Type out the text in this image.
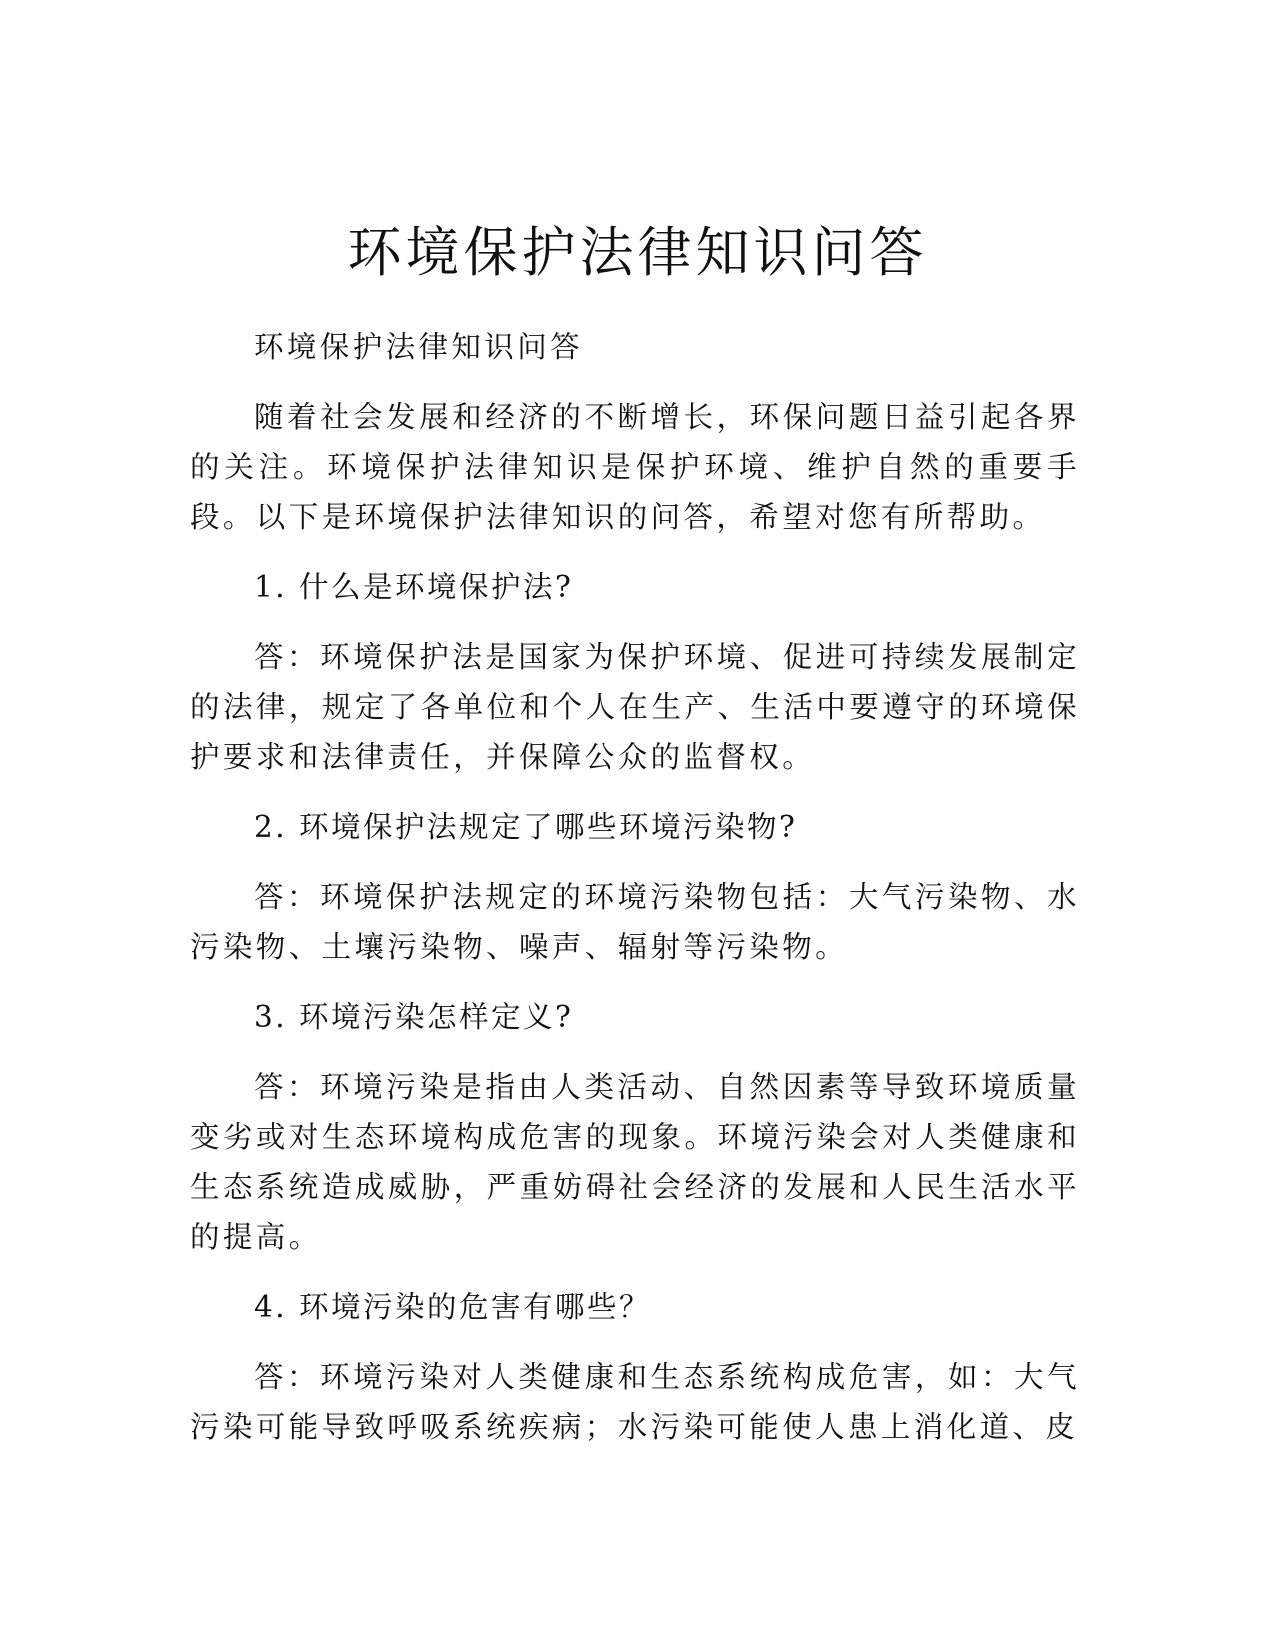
环境保护法律知识问答

环境保护法律知识问答

随着社会发展和经济的不断增长，环保问题日益引起各界的关注。环境保护法律知识是保护环境、维护自然的重要手段。以下是环境保护法律知识的问答，希望对您有所帮助。

1. 什么是环境保护法?

答：环境保护法是国家为保护环境、促进可持续发展制定的法律，规定了各单位和个人在生产、生活中要遵守的环境保护要求和法律责任，并保障公众的监督权。

2. 环境保护法规定了哪些环境污染物?

答：环境保护法规定的环境污染物包括：大气污染物、水污染物、土壤污染物、噪声、辐射等污染物。

3. 环境污染怎样定义?

答：环境污染是指由人类活动、自然因素等导致环境质量变劣或对生态环境构成危害的现象。环境污染会对人类健康和生态系统造成威胁，严重妨碍社会经济的发展和人民生活水平的提高。

4. 环境污染的危害有哪些？

答：环境污染对人类健康和生态系统构成危害，如：大气污染可能导致呼吸系统疾病；水污染可能使人患上消化道、皮
